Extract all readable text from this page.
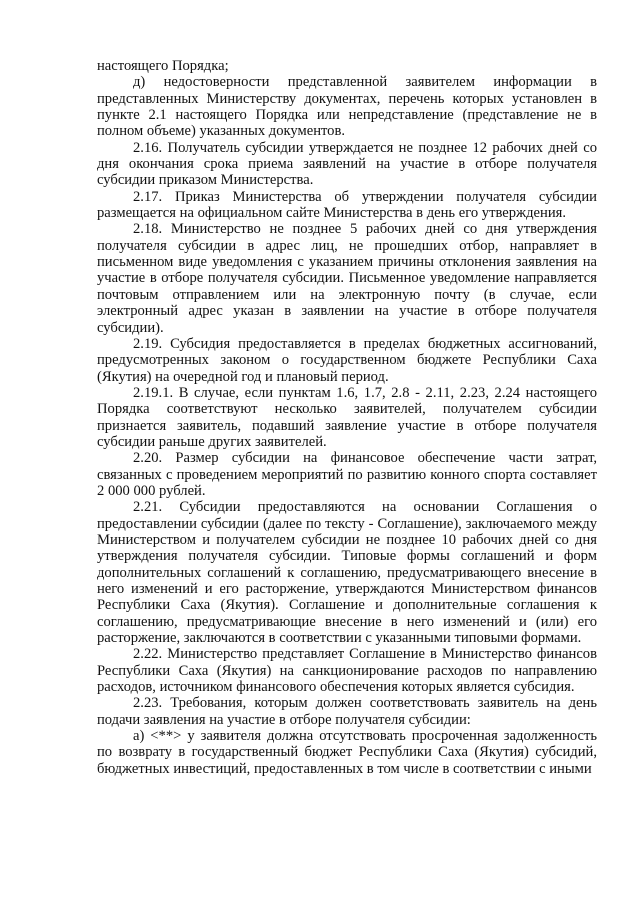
настоящего Порядка;

д) недостоверности представленной заявителем информации в представленных Министерству документах, перечень которых установлен в пункте 2.1 настоящего Порядка или непредставление (представление не в полном объеме) указанных документов.

2.16. Получатель субсидии утверждается не позднее 12 рабочих дней со дня окончания срока приема заявлений на участие в отборе получателя субсидии приказом Министерства.

2.17. Приказ Министерства об утверждении получателя субсидии размещается на официальном сайте Министерства в день его утверждения.

2.18. Министерство не позднее 5 рабочих дней со дня утверждения получателя субсидии в адрес лиц, не прошедших отбор, направляет в письменном виде уведомления с указанием причины отклонения заявления на участие в отборе получателя субсидии. Письменное уведомление направляется почтовым отправлением или на электронную почту (в случае, если электронный адрес указан в заявлении на участие в отборе получателя субсидии).

2.19. Субсидия предоставляется в пределах бюджетных ассигнований, предусмотренных законом о государственном бюджете Республики Саха (Якутия) на очередной год и плановый период.

2.19.1. В случае, если пунктам 1.6, 1.7, 2.8 - 2.11, 2.23, 2.24 настоящего Порядка соответствуют несколько заявителей, получателем субсидии признается заявитель, подавший заявление участие в отборе получателя субсидии раньше других заявителей.

2.20. Размер субсидии на финансовое обеспечение части затрат, связанных с проведением мероприятий по развитию конного спорта составляет 2 000 000 рублей.

2.21. Субсидии предоставляются на основании Соглашения о предоставлении субсидии (далее по тексту - Соглашение), заключаемого между Министерством и получателем субсидии не позднее 10 рабочих дней со дня утверждения получателя субсидии. Типовые формы соглашений и форм дополнительных соглашений к соглашению, предусматривающего внесение в него изменений и его расторжение, утверждаются Министерством финансов Республики Саха (Якутия). Соглашение и дополнительные соглашения к соглашению, предусматривающие внесение в него изменений и (или) его расторжение, заключаются в соответствии с указанными типовыми формами.

2.22. Министерство представляет Соглашение в Министерство финансов Республики Саха (Якутия) на санкционирование расходов по направлению расходов, источником финансового обеспечения которых является субсидия.

2.23. Требования, которым должен соответствовать заявитель на день подачи заявления на участие в отборе получателя субсидии:

а) <**> у заявителя должна отсутствовать просроченная задолженность по возврату в государственный бюджет Республики Саха (Якутия) субсидий, бюджетных инвестиций, предоставленных в том числе в соответствии с иными
